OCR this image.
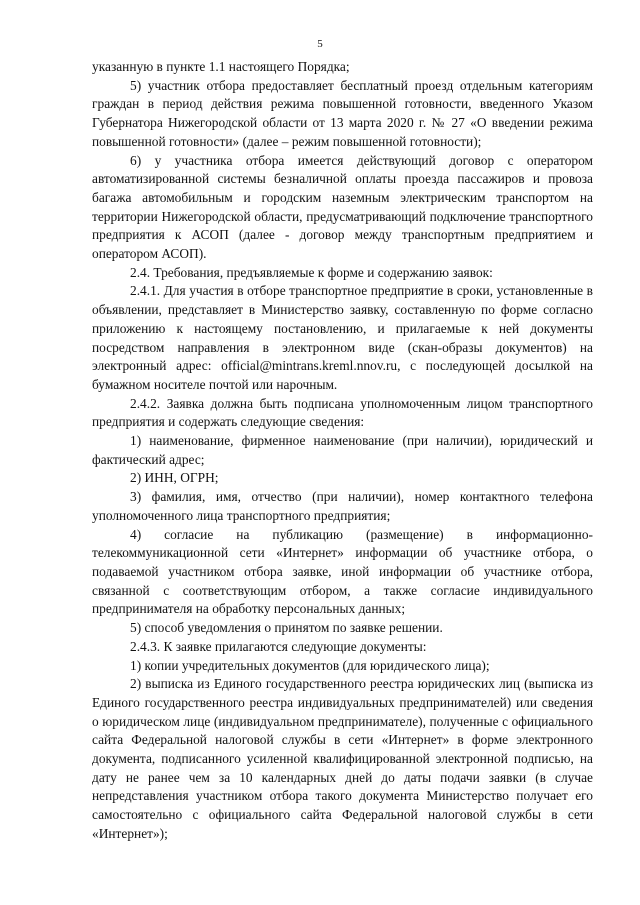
5

указанную в пункте 1.1 настоящего Порядка;

5) участник отбора предоставляет бесплатный проезд отдельным категориям граждан в период действия режима повышенной готовности, введенного Указом Губернатора Нижегородской области от 13 марта 2020 г. № 27 «О введении режима повышенной готовности» (далее – режим повышенной готовности);

6) у участника отбора имеется действующий договор с оператором автоматизированной системы безналичной оплаты проезда пассажиров и провоза багажа автомобильным и городским наземным электрическим транспортом на территории Нижегородской области, предусматривающий подключение транспортного предприятия к АСОП (далее - договор между транспортным предприятием и оператором АСОП).

2.4. Требования, предъявляемые к форме и содержанию заявок:

2.4.1. Для участия в отборе транспортное предприятие в сроки, установленные в объявлении, представляет в Министерство заявку, составленную по форме согласно приложению к настоящему постановлению, и прилагаемые к ней документы посредством направления в электронном виде (скан-образы документов) на электронный адрес: official@mintrans.kreml.nnov.ru, с последующей досылкой на бумажном носителе почтой или нарочным.

2.4.2. Заявка должна быть подписана уполномоченным лицом транспортного предприятия и содержать следующие сведения:

1) наименование, фирменное наименование (при наличии), юридический и фактический адрес;

2) ИНН, ОГРН;

3) фамилия, имя, отчество (при наличии), номер контактного телефона уполномоченного лица транспортного предприятия;

4) согласие на публикацию (размещение) в информационно-телекоммуникационной сети «Интернет» информации об участнике отбора, о подаваемой участником отбора заявке, иной информации об участнике отбора, связанной с соответствующим отбором, а также согласие индивидуального предпринимателя на обработку персональных данных;

5) способ уведомления о принятом по заявке решении.

2.4.3. К заявке прилагаются следующие документы:

1) копии учредительных документов (для юридического лица);

2) выписка из Единого государственного реестра юридических лиц (выписка из Единого государственного реестра индивидуальных предпринимателей) или сведения о юридическом лице (индивидуальном предпринимателе), полученные с официального сайта Федеральной налоговой службы в сети «Интернет» в форме электронного документа, подписанного усиленной квалифицированной электронной подписью, на дату не ранее чем за 10 календарных дней до даты подачи заявки (в случае непредставления участником отбора такого документа Министерство получает его самостоятельно с официального сайта Федеральной налоговой службы в сети «Интернет»);
